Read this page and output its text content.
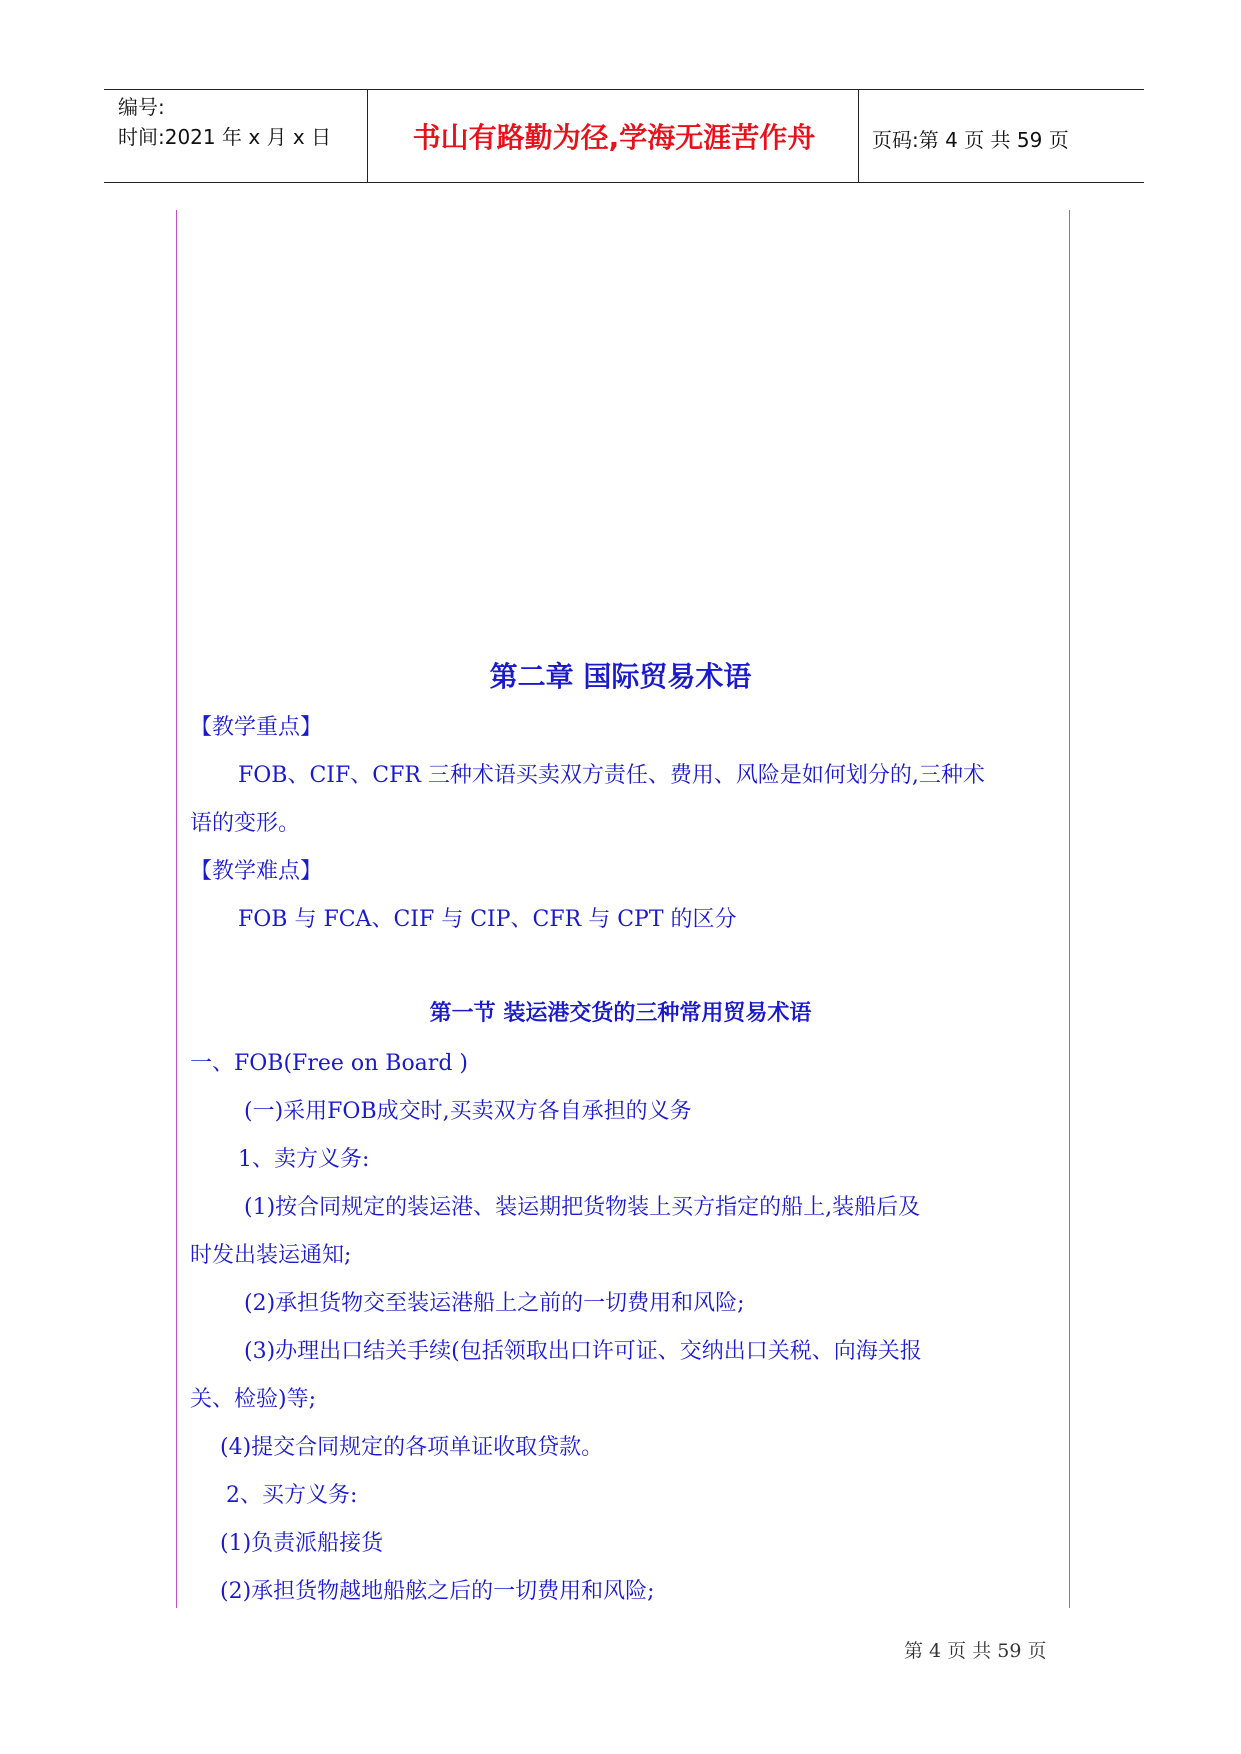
编号:
时间:2021 年 x 月 x 日	书山有路勤为径,学海无涯苦作舟	页码:第 4 页 共 59 页
第二章 国际贸易术语
【教学重点】
FOB、CIF、CFR 三种术语买卖双方责任、费用、风险是如何划分的,三种术
语的变形。
【教学难点】
FOB 与 FCA、CIF 与 CIP、CFR 与 CPT 的区分
第一节 装运港交货的三种常用贸易术语
一、FOB(Free on Board )
(一)采用FOB成交时,买卖双方各自承担的义务
1、卖方义务:
(1)按合同规定的装运港、装运期把货物装上买方指定的船上,装船后及
时发出装运通知;
(2)承担货物交至装运港船上之前的一切费用和风险;
(3)办理出口结关手续(包括领取出口许可证、交纳出口关税、向海关报
关、检验)等;
(4)提交合同规定的各项单证收取贷款。
2、买方义务:
(1)负责派船接货
(2)承担货物越地船舷之后的一切费用和风险;
第 4 页 共 59 页
